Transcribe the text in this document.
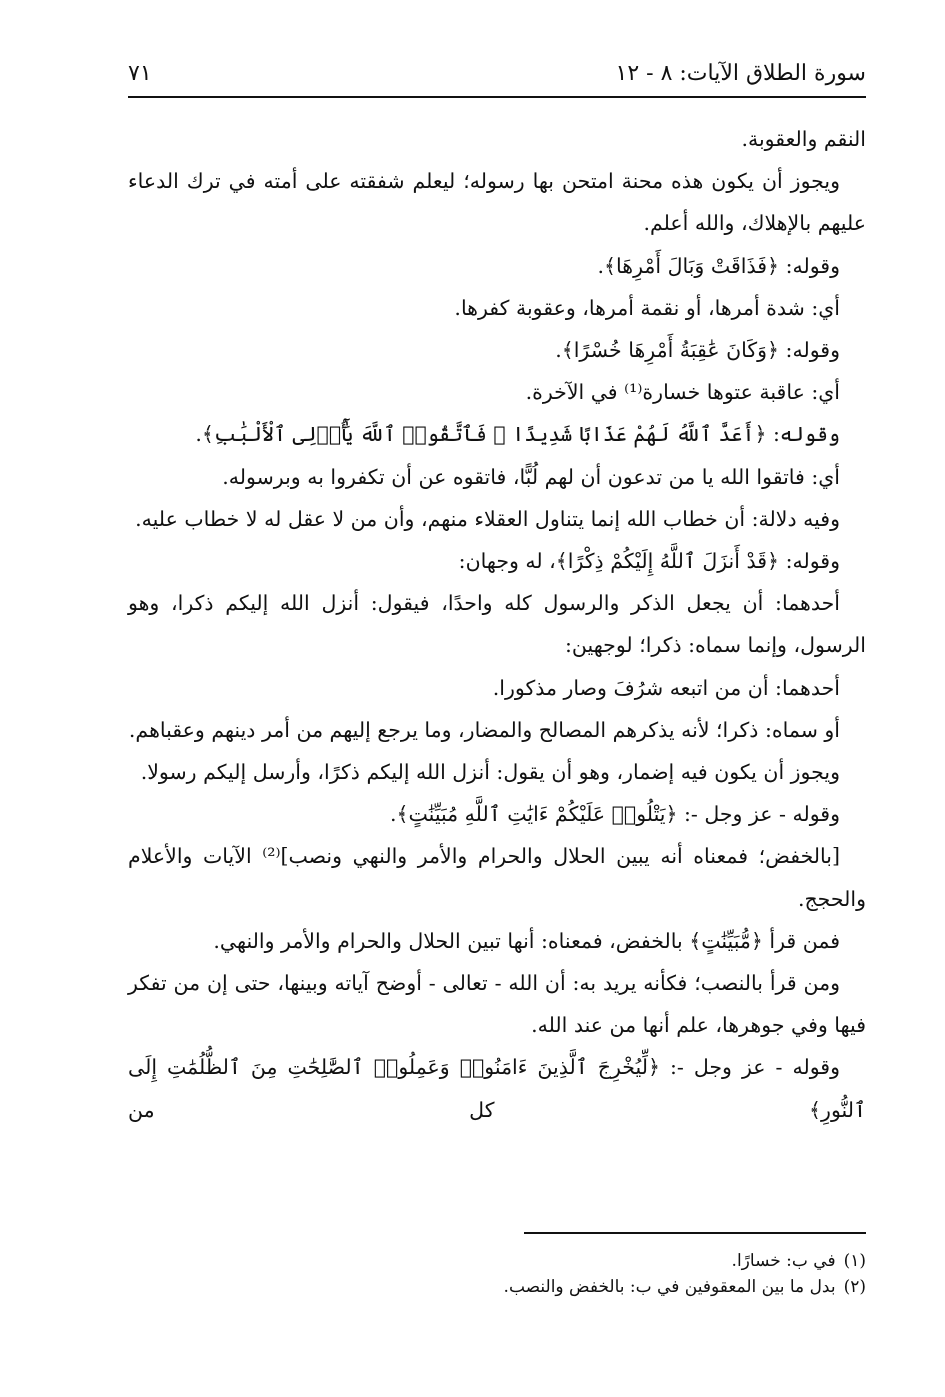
سورة الطلاق الآيات: ٨ - ١٢
٧١

النقم والعقوبة.

ويجوز أن يكون هذه محنة امتحن بها رسوله؛ ليعلم شفقته على أمته في ترك الدعاء عليهم بالإهلاك، والله أعلم.

وقوله: ﴿فَذَاقَتْ وَبَالَ أَمْرِهَا﴾.

أي: شدة أمرها، أو نقمة أمرها، وعقوبة كفرها.

وقوله: ﴿وَكَانَ عَٰقِبَةُ أَمْرِهَا خُسْرًا﴾.

أي: عاقبة عتوها خسارة⁽¹⁾ في الآخرة.

وقوله: ﴿أَعَدَّ ٱللَّهُ لَهُمْ عَذَابًا شَدِيدًا ۖ فَٱتَّقُوا۟ ٱللَّهَ يَٰٓأُو۟لِى ٱلْأَلْبَٰبِ﴾.

أي: فاتقوا الله يا من تدعون أن لهم لُبًّا، فاتقوه عن أن تكفروا به وبرسوله.

وفيه دلالة: أن خطاب الله إنما يتناول العقلاء منهم، وأن من لا عقل له لا خطاب عليه.

وقوله: ﴿قَدْ أَنزَلَ ٱللَّهُ إِلَيْكُمْ ذِكْرًا﴾، له وجهان:

أحدهما: أن يجعل الذكر والرسول كله واحدًا، فيقول: أنزل الله إليكم ذكرا، وهو الرسول، وإنما سماه: ذكرا؛ لوجهين:

أحدهما: أن من اتبعه شرُفَ وصار مذكورا.

أو سماه: ذكرا؛ لأنه يذكرهم المصالح والمضار، وما يرجع إليهم من أمر دينهم وعقباهم.

ويجوز أن يكون فيه إضمار، وهو أن يقول: أنزل الله إليكم ذكرًا، وأرسل إليكم رسولا.

وقوله - عز وجل -: ﴿يَتْلُوا۟ عَلَيْكُمْ ءَايَٰتِ ٱللَّهِ مُبَيِّنَٰتٍ﴾.

[بالخفض؛ فمعناه أنه يبين الحلال والحرام والأمر والنهي ونصب]⁽²⁾ الآيات والأعلام والحجج.

فمن قرأ ﴿مُّبَيِّنَٰتٍ﴾ بالخفض، فمعناه: أنها تبين الحلال والحرام والأمر والنهي.

ومن قرأ بالنصب؛ فكأنه يريد به: أن الله - تعالى - أوضح آياته وبينها، حتى إن من تفكر فيها وفي جوهرها، علم أنها من عند الله.

وقوله - عز وجل -: ﴿لِّيُخْرِجَ ٱلَّذِينَ ءَامَنُوا۟ وَعَمِلُوا۟ ٱلصَّٰلِحَٰتِ مِنَ ٱلظُّلُمَٰتِ إِلَى ٱلنُّورِ﴾ كل من

(١)في ب: خسارًا.

(٢)بدل ما بين المعقوفين في ب: بالخفض والنصب.
